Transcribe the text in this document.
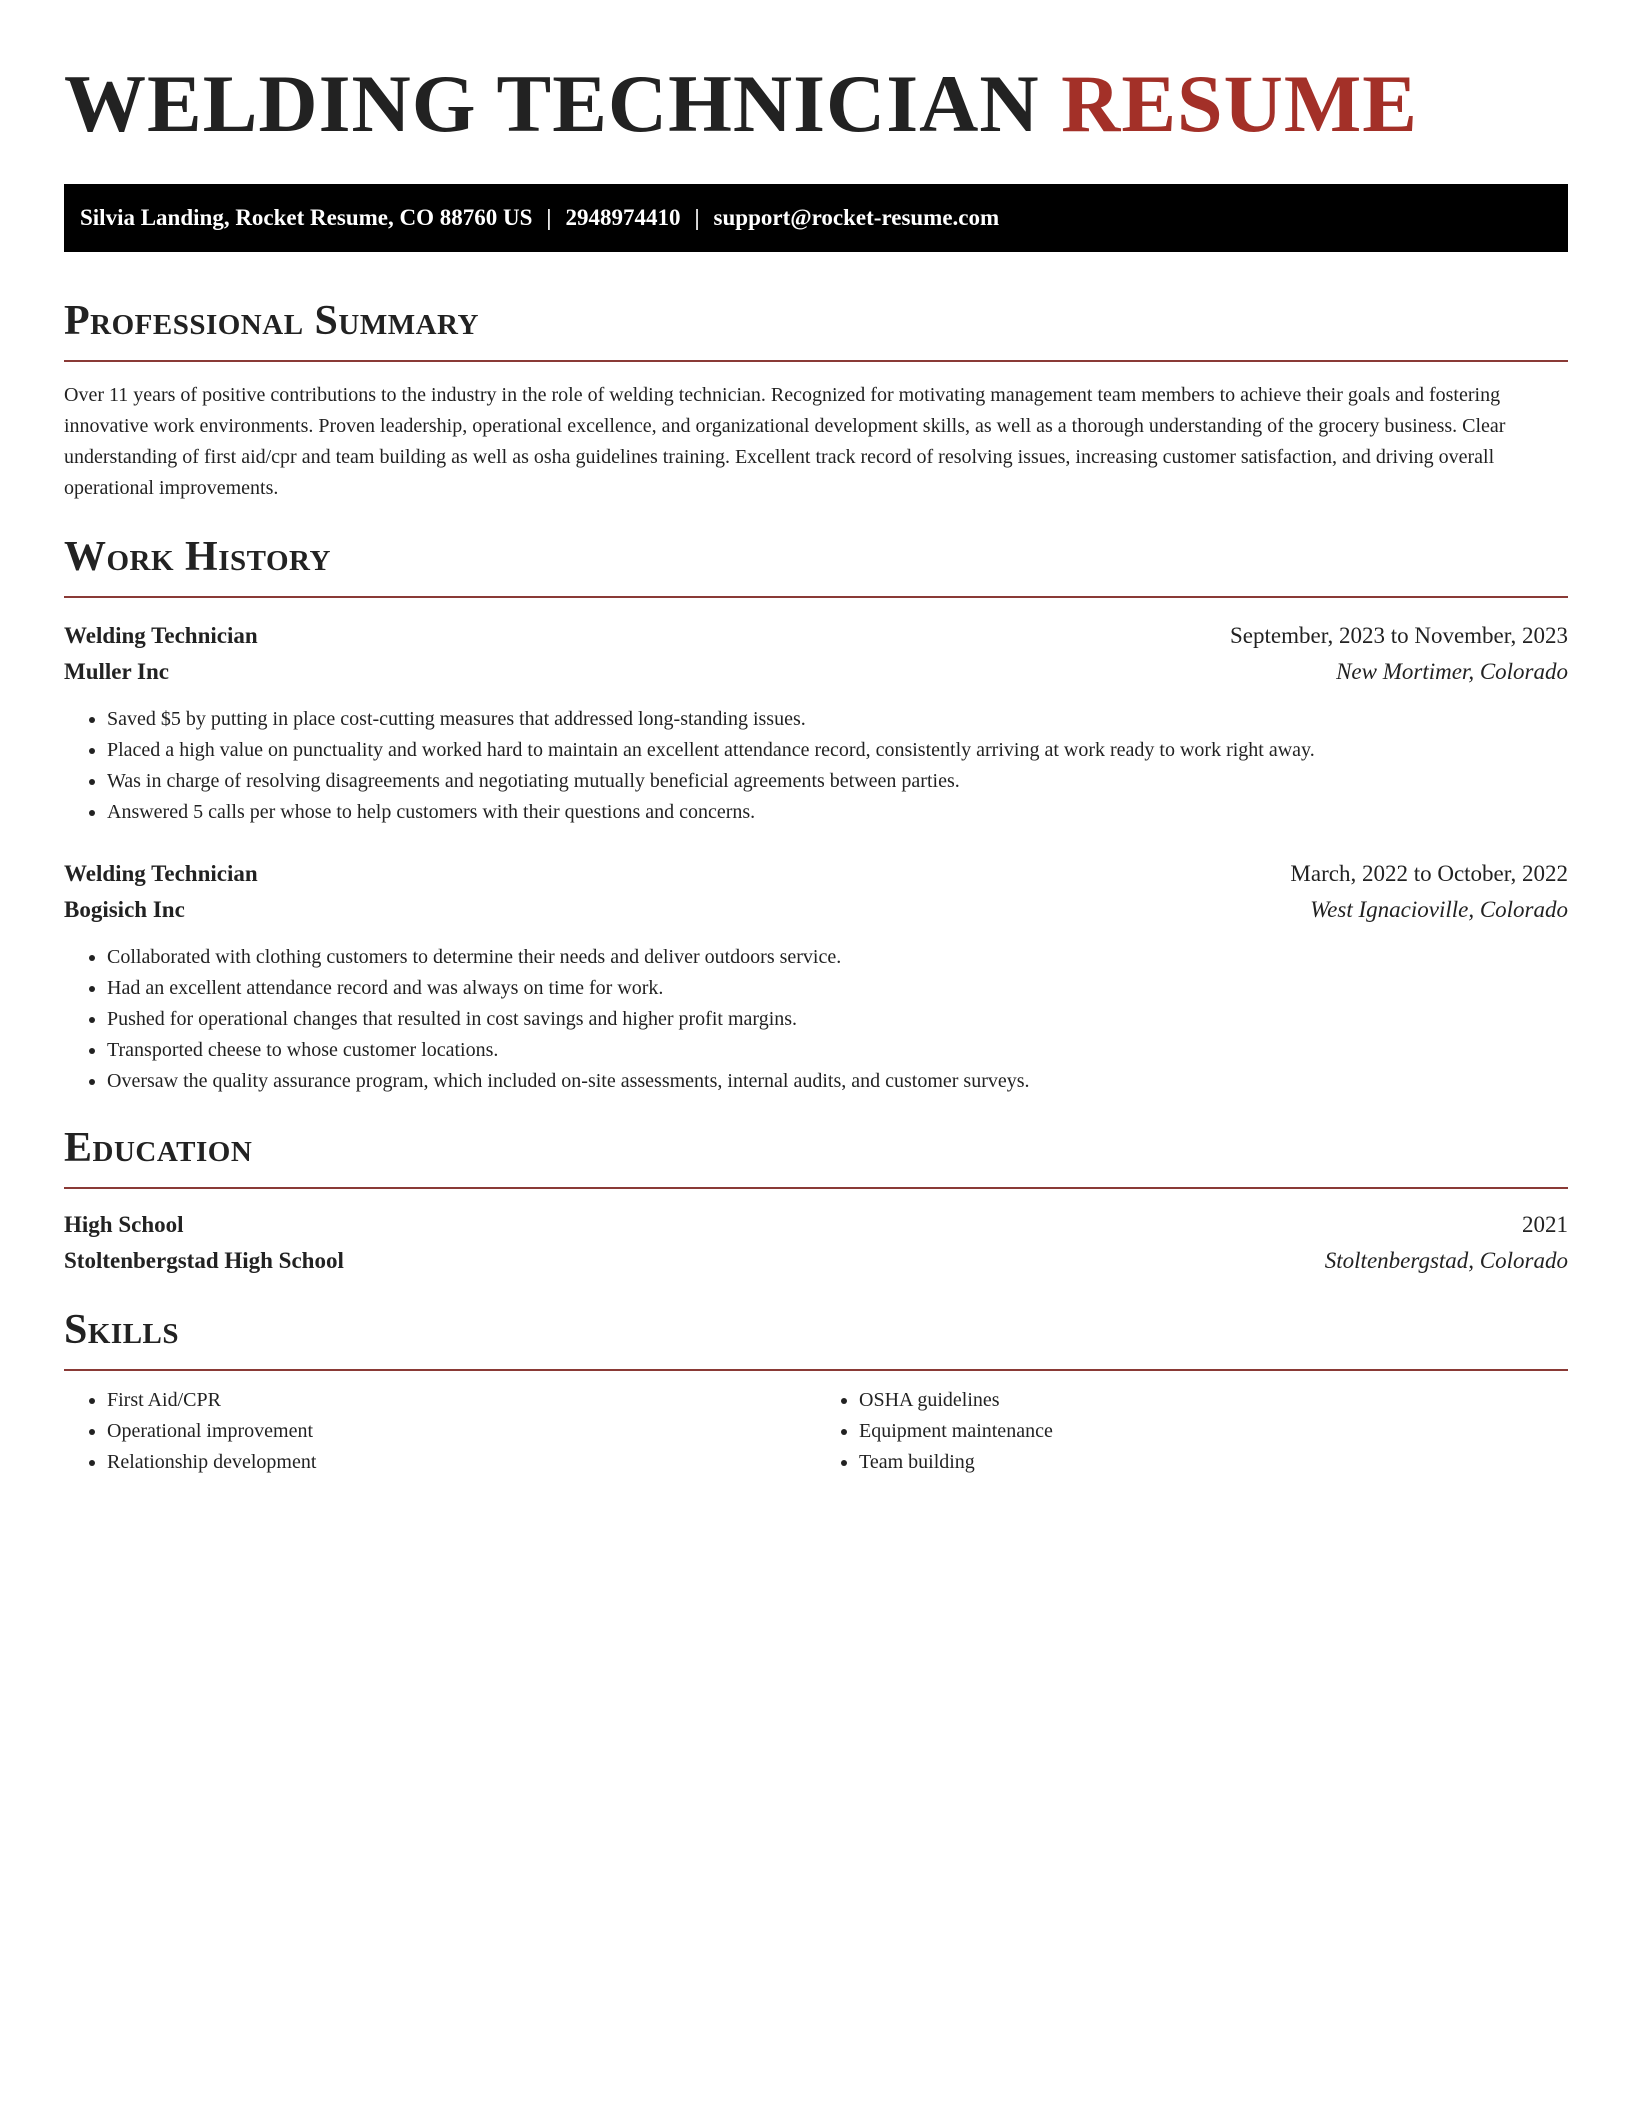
WELDING TECHNICIAN RESUME
Silvia Landing, Rocket Resume, CO 88760 US | 2948974410 | support@rocket-resume.com
Professional Summary

Over 11 years of positive contributions to the industry in the role of welding technician. Recognized for motivating management team members to achieve their goals and fostering innovative work environments. Proven leadership, operational excellence, and organizational development skills, as well as a thorough understanding of the grocery business. Clear understanding of first aid/cpr and team building as well as osha guidelines training. Excellent track record of resolving issues, increasing customer satisfaction, and driving overall operational improvements.

Work History
Welding Technician	September, 2023 to November, 2023
Muller Inc	New Mortimer, Colorado
• Saved $5 by putting in place cost-cutting measures that addressed long-standing issues.
• Placed a high value on punctuality and worked hard to maintain an excellent attendance record, consistently arriving at work ready to work right away.
• Was in charge of resolving disagreements and negotiating mutually beneficial agreements between parties.
• Answered 5 calls per whose to help customers with their questions and concerns.
Welding Technician	March, 2022 to October, 2022
Bogisich Inc	West Ignacioville, Colorado
• Collaborated with clothing customers to determine their needs and deliver outdoors service.
• Had an excellent attendance record and was always on time for work.
• Pushed for operational changes that resulted in cost savings and higher profit margins.
• Transported cheese to whose customer locations.
• Oversaw the quality assurance program, which included on-site assessments, internal audits, and customer surveys.
Education
High School	2021
Stoltenbergstad High School	Stoltenbergstad, Colorado
Skills
• First Aid/CPR
• Operational improvement
• Relationship development
• OSHA guidelines
• Equipment maintenance
• Team building
